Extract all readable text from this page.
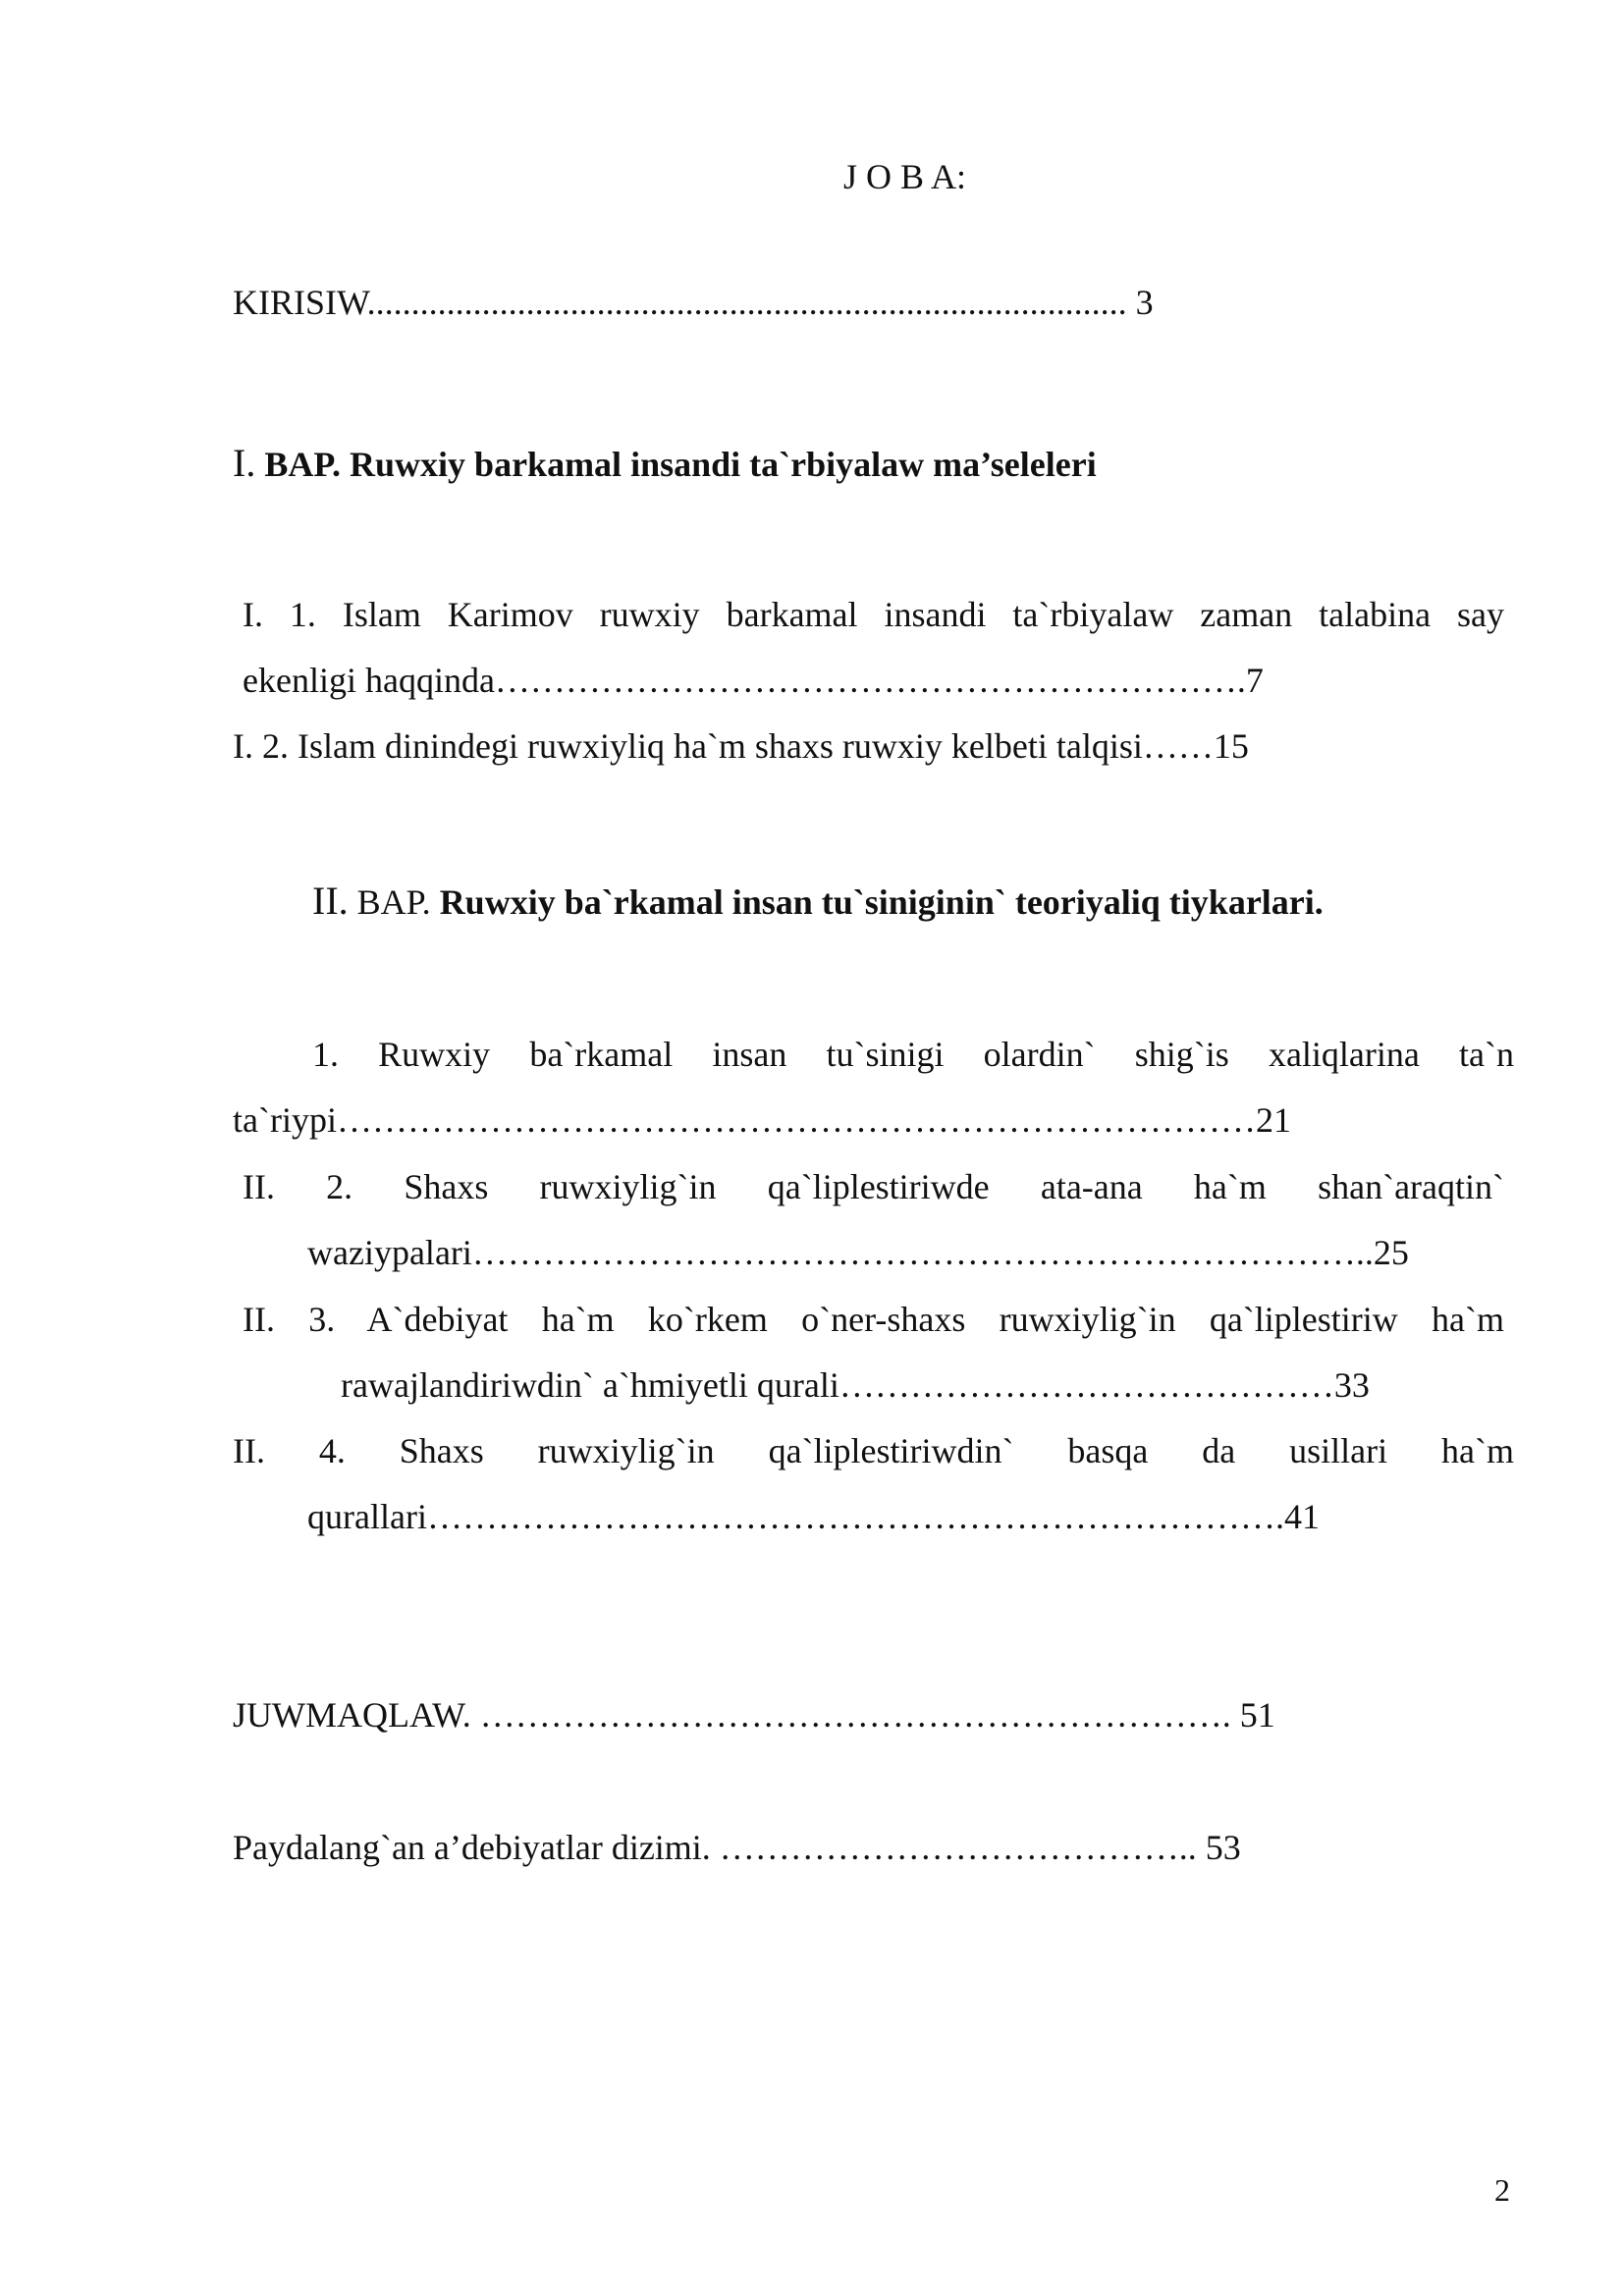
J O B A:
KIRISIW...................................................................................... 3
I. BAP. Ruwxiy barkamal insandi ta`rbiyalaw ma’seleleri
I. 1. Islam Karimov ruwxiy barkamal insandi ta`rbiyalaw zaman talabina say
ekenligi haqqinda……………………………………………………….7
I. 2. Islam dinindegi ruwxiyliq ha`m shaxs ruwxiy kelbeti talqisi……15
II. BAP. Ruwxiy ba`rkamal insan tu`siniginin` teoriyaliq tiykarlari.
1. Ruwxiy ba`rkamal insan tu`sinigi olardin` shig`is xaliqlarina ta`n
ta`riypi……………………………………………………………………21
II. 2. Shaxs ruwxiylig`in qa`liplestiriwde ata-ana ha`m shan`araqtin`
waziypalari…………………………………………………………………..25
II. 3. A`debiyat ha`m ko`rkem o`ner-shaxs ruwxiylig`in qa`liplestiriw ha`m
rawajlandiriwdin` a`hmiyetli qurali……………………………………33
II. 4. Shaxs ruwxiylig`in qa`liplestiriwdin` basqa da usillari ha`m
qurallari……………………………………………………………….41
JUWMAQLAW. ………………………………………………………. 51
Paydalang`an a’debiyatlar dizimi. ………………………………….. 53
2
